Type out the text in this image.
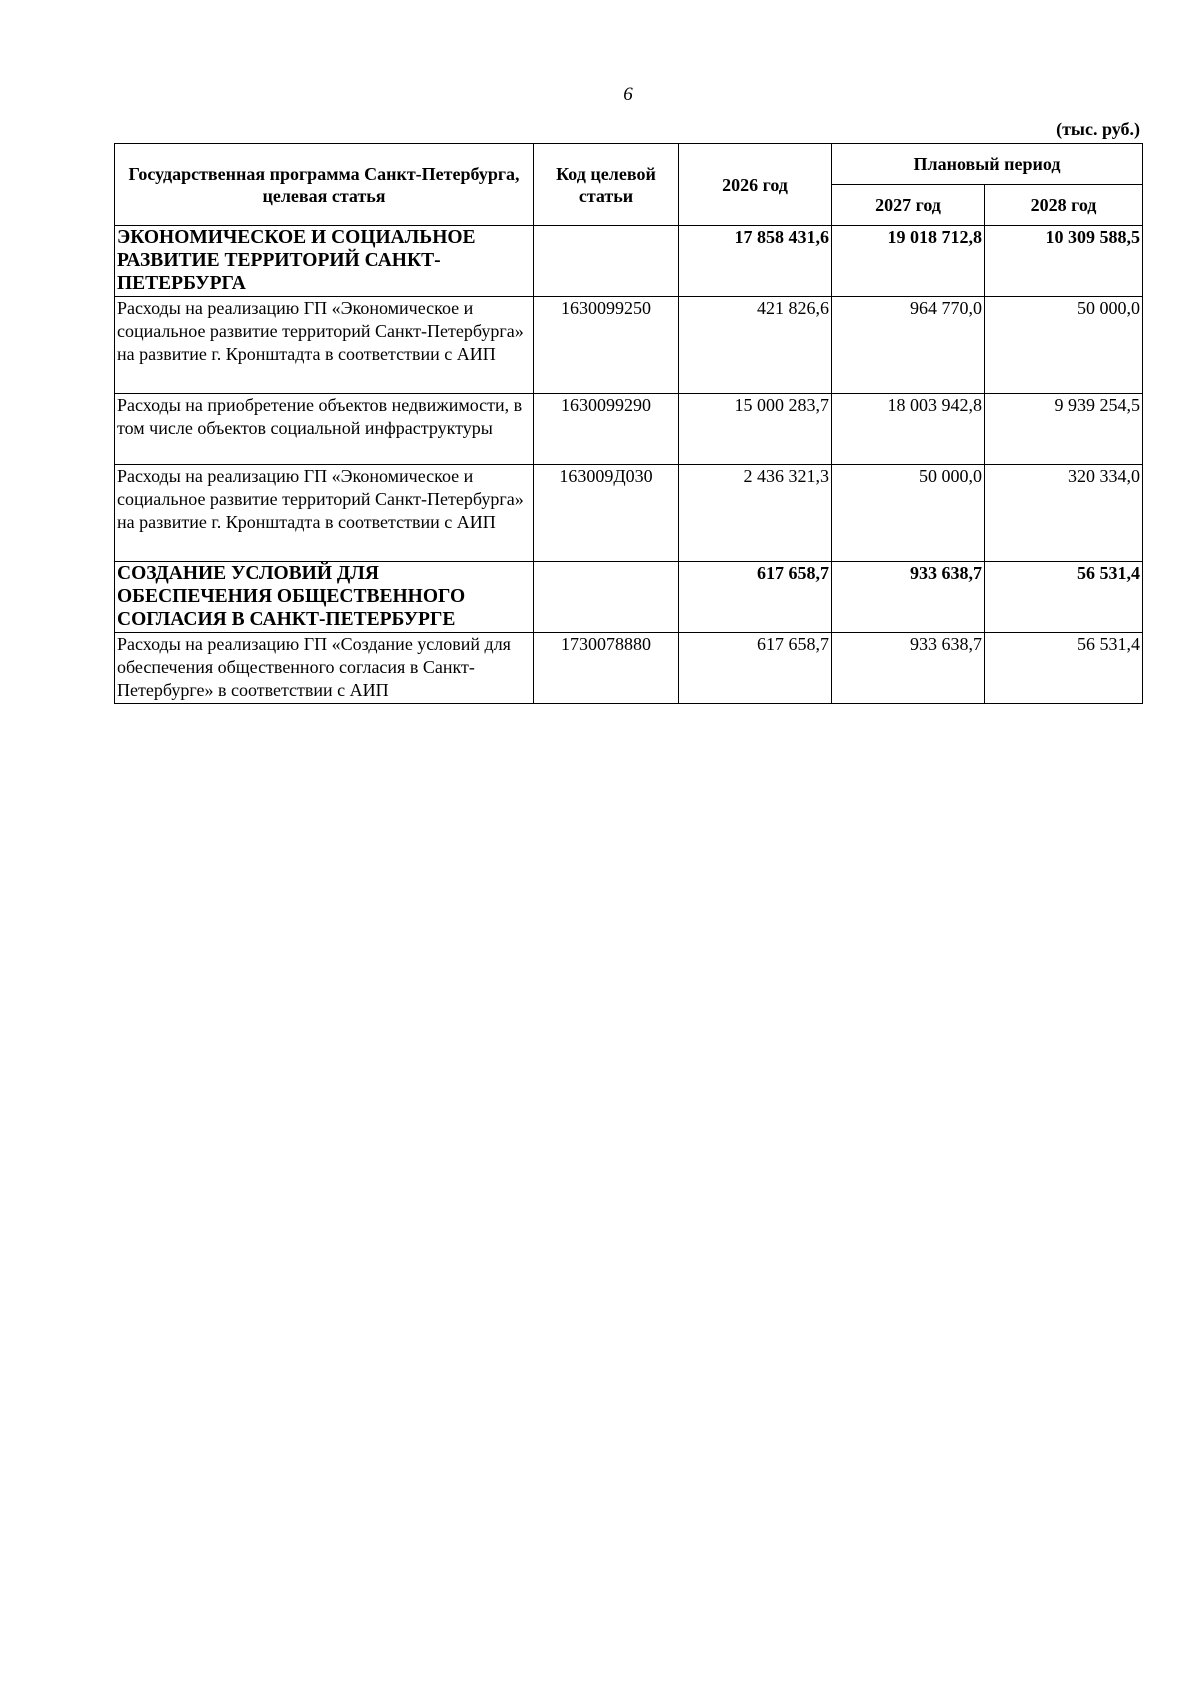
6
(тыс. руб.)
Государственная программа Санкт-Петербурга, целевая статья	Код целевой статьи	2026 год	Плановый период	
			2027 год	2028 год
ЭКОНОМИЧЕСКОЕ И СОЦИАЛЬНОЕ РАЗВИТИЕ ТЕРРИТОРИЙ САНКТ-ПЕТЕРБУРГА		17 858 431,6	19 018 712,8	10 309 588,5
Расходы на реализацию ГП «Экономическое и социальное развитие территорий Санкт-Петербурга» на развитие г. Кронштадта в соответствии с АИП	1630099250	421 826,6	964 770,0	50 000,0
Расходы на приобретение объектов недвижимости, в том числе объектов социальной инфраструктуры	1630099290	15 000 283,7	18 003 942,8	9 939 254,5
Расходы на реализацию ГП «Экономическое и социальное развитие территорий Санкт-Петербурга» на развитие г. Кронштадта в соответствии с АИП	163009Д030	2 436 321,3	50 000,0	320 334,0
СОЗДАНИЕ УСЛОВИЙ ДЛЯ ОБЕСПЕЧЕНИЯ ОБЩЕСТВЕННОГО СОГЛАСИЯ В САНКТ-ПЕТЕРБУРГЕ		617 658,7	933 638,7	56 531,4
Расходы на реализацию ГП «Создание условий для обеспечения общественного согласия в Санкт-Петербурге» в соответствии с АИП	1730078880	617 658,7	933 638,7	56 531,4
